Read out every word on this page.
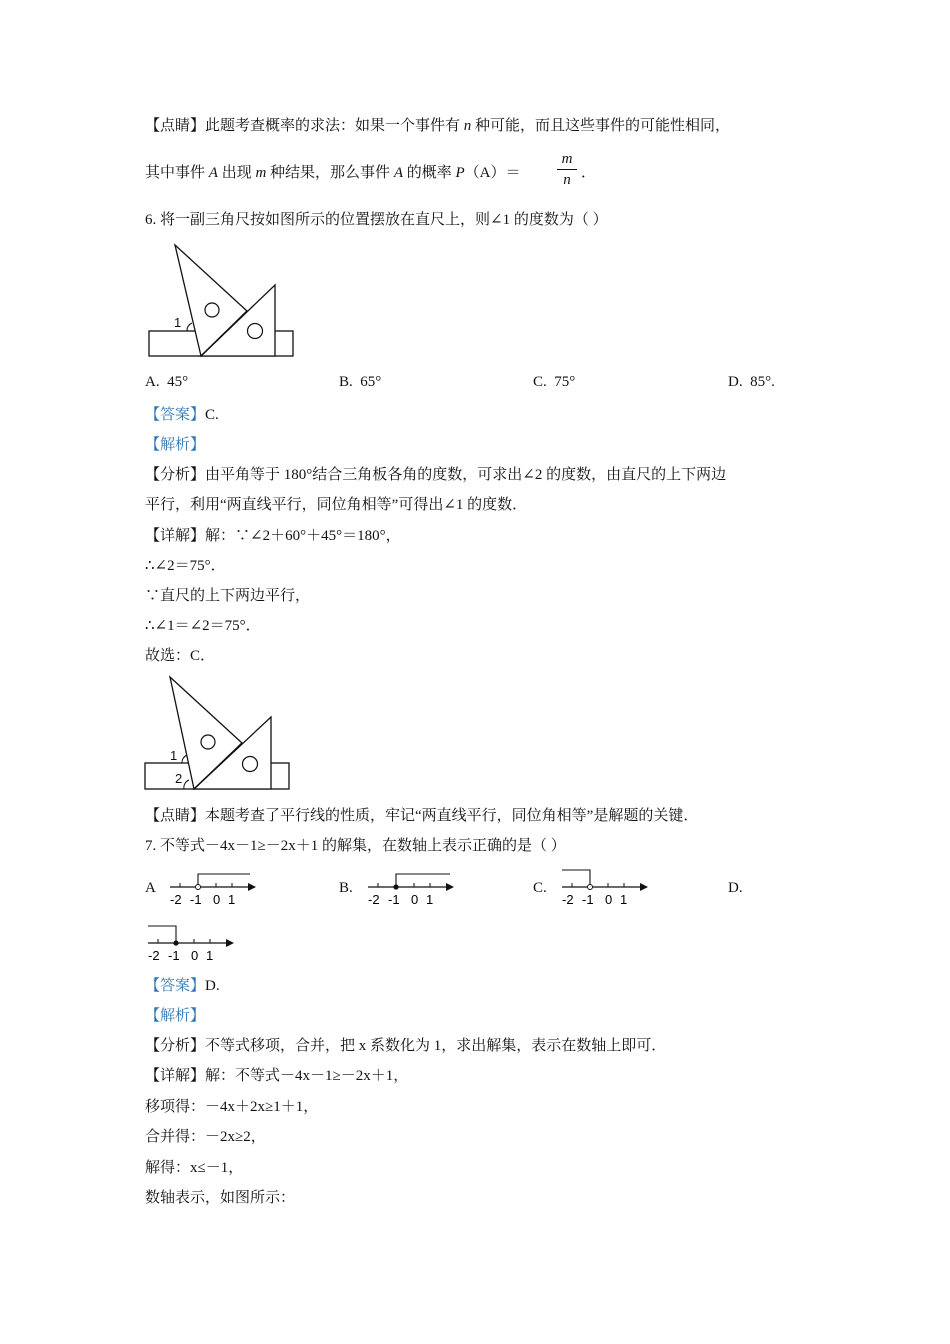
【点睛】此题考查概率的求法：如果一个事件有 n 种可能，而且这些事件的可能性相同，
其中事件 A 出现 m 种结果，那么事件 A 的概率 P（A）＝
m
n ．
6. 将一副三角尺按如图所示的位置摆放在直尺上，则∠1 的度数为（ ）
1
A. 45°	B. 65°	C. 75°	D. 85°.
【答案】C.
【解析】
【分析】由平角等于 180°结合三角板各角的度数，可求出∠2 的度数，由直尺的上下两边
平行，利用“两直线平行，同位角相等”可得出∠1 的度数．
【详解】解：∵∠2＋60°＋45°＝180°，
∴∠2＝75°．
∵直尺的上下两边平行，
∴∠1＝∠2＝75°．
故选：C．
1
2
【点睛】本题考查了平行线的性质，牢记“两直线平行，同位角相等”是解题的关键．
7. 不等式－4x－1≥－2x＋1 的解集，在数轴上表示正确的是（ ）
A
-2 -1 0 1
B.
-2 -1 0 1
C.
-2 -1 0 1
D.
-2 -1 0 1
【答案】D.
【解析】
【分析】不等式移项，合并，把 x 系数化为 1，求出解集，表示在数轴上即可．
【详解】解：不等式－4x－1≥－2x＋1，
移项得：－4x＋2x≥1＋1，
合并得：－2x≥2，
解得：x≤－1，
数轴表示，如图所示：
